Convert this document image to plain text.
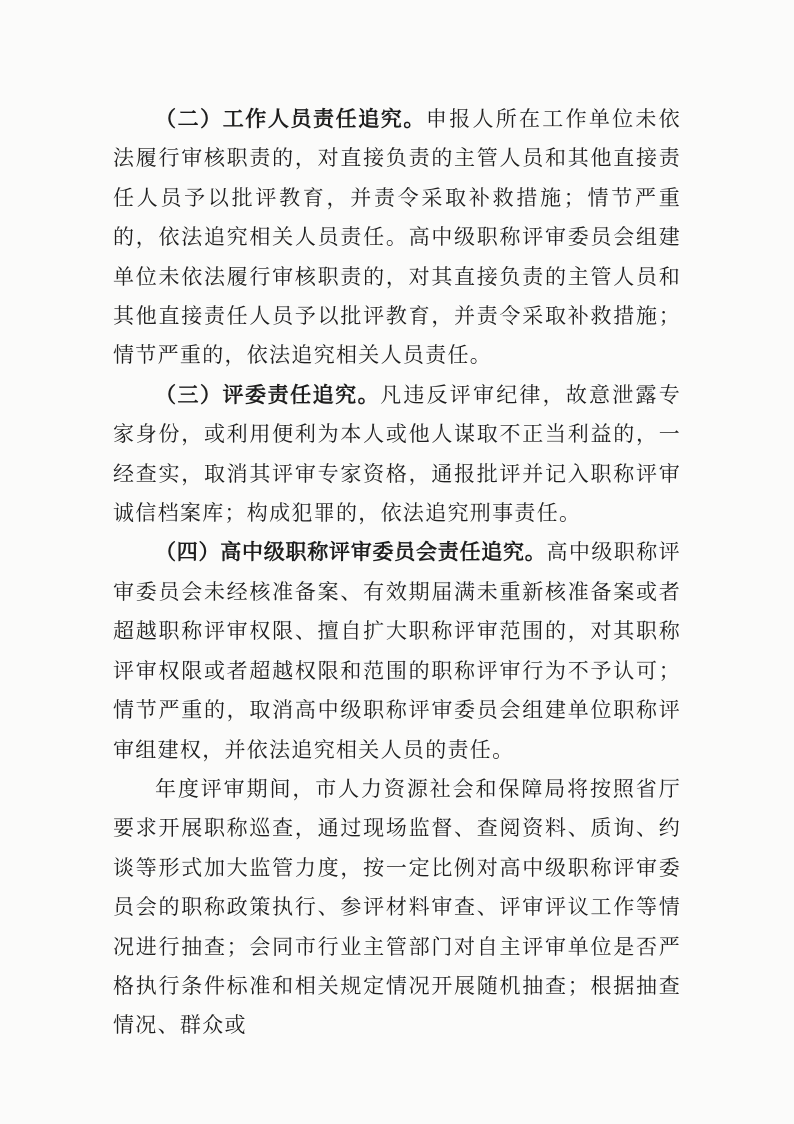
（二）工作人员责任追究。申报人所在工作单位未依法履行审核职责的，对直接负责的主管人员和其他直接责任人员予以批评教育，并责令采取补救措施；情节严重的，依法追究相关人员责任。高中级职称评审委员会组建单位未依法履行审核职责的，对其直接负责的主管人员和其他直接责任人员予以批评教育，并责令采取补救措施；情节严重的，依法追究相关人员责任。

（三）评委责任追究。凡违反评审纪律，故意泄露专家身份，或利用便利为本人或他人谋取不正当利益的，一经查实，取消其评审专家资格，通报批评并记入职称评审诚信档案库；构成犯罪的，依法追究刑事责任。

（四）高中级职称评审委员会责任追究。高中级职称评审委员会未经核准备案、有效期届满未重新核准备案或者超越职称评审权限、擅自扩大职称评审范围的，对其职称评审权限或者超越权限和范围的职称评审行为不予认可；情节严重的，取消高中级职称评审委员会组建单位职称评审组建权，并依法追究相关人员的责任。

年度评审期间，市人力资源社会和保障局将按照省厅要求开展职称巡查，通过现场监督、查阅资料、质询、约谈等形式加大监管力度，按一定比例对高中级职称评审委员会的职称政策执行、参评材料审查、评审评议工作等情况进行抽查；会同市行业主管部门对自主评审单位是否严格执行条件标准和相关规定情况开展随机抽查；根据抽查情况、群众或
